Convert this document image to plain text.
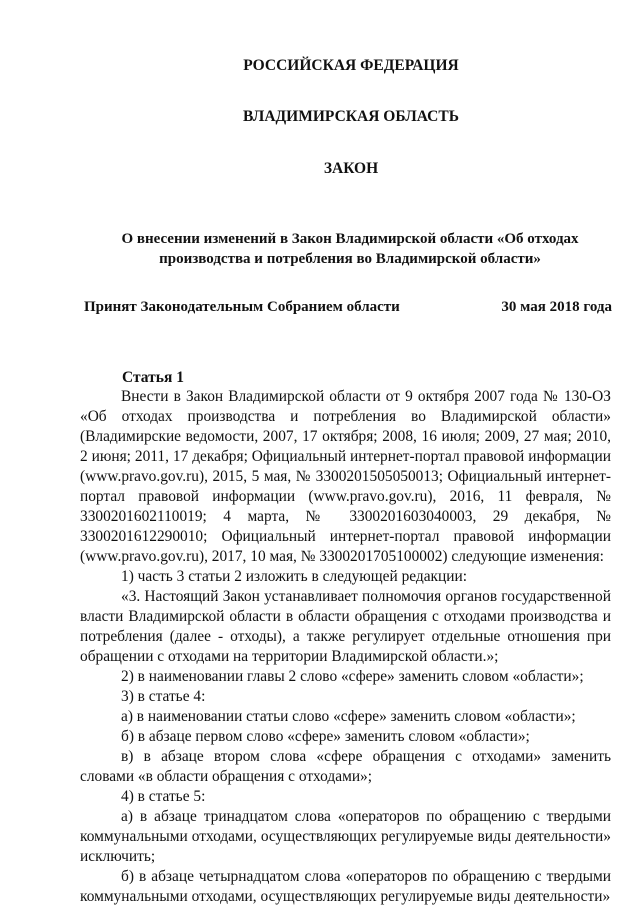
РОССИЙСКАЯ ФЕДЕРАЦИЯ
ВЛАДИМИРСКАЯ ОБЛАСТЬ
ЗАКОН
О внесении изменений в Закон Владимирской области «Об отходах производства и потребления во Владимирской области»
Принят Законодательным Собранием области	30 мая 2018 года
Статья 1

Внести в Закон Владимирской области от 9 октября 2007 года № 130-ОЗ «Об отходах производства и потребления во Владимирской области» (Владимирские ведомости, 2007, 17 октября; 2008, 16 июля; 2009, 27 мая; 2010, 2 июня; 2011, 17 декабря; Официальный интернет-портал правовой информации (www.pravo.gov.ru), 2015, 5 мая, № 3300201505050013; Официальный интернет-портал правовой информации (www.pravo.gov.ru), 2016, 11 февраля, № 3300201602110019; 4 марта, № 3300201603040003, 29 декабря, № 3300201612290010; Официальный интернет-портал правовой информации (www.pravo.gov.ru), 2017, 10 мая, № 3300201705100002) следующие изменения:

1) часть 3 статьи 2 изложить в следующей редакции:

«3. Настоящий Закон устанавливает полномочия органов государственной власти Владимирской области в области обращения с отходами производства и потребления (далее - отходы), а также регулирует отдельные отношения при обращении с отходами на территории Владимирской области.»;

2) в наименовании главы 2 слово «сфере» заменить словом «области»;

3) в статье 4:

а) в наименовании статьи слово «сфере» заменить словом «области»;

б) в абзаце первом слово «сфере» заменить словом «области»;

в) в абзаце втором слова «сфере обращения с отходами» заменить словами «в области обращения с отходами»;

4) в статье 5:

а) в абзаце тринадцатом слова «операторов по обращению с твердыми коммунальными отходами, осуществляющих регулируемые виды деятельности» исключить;

б) в абзаце четырнадцатом слова «операторов по обращению с твердыми коммунальными отходами, осуществляющих регулируемые виды деятельности»
